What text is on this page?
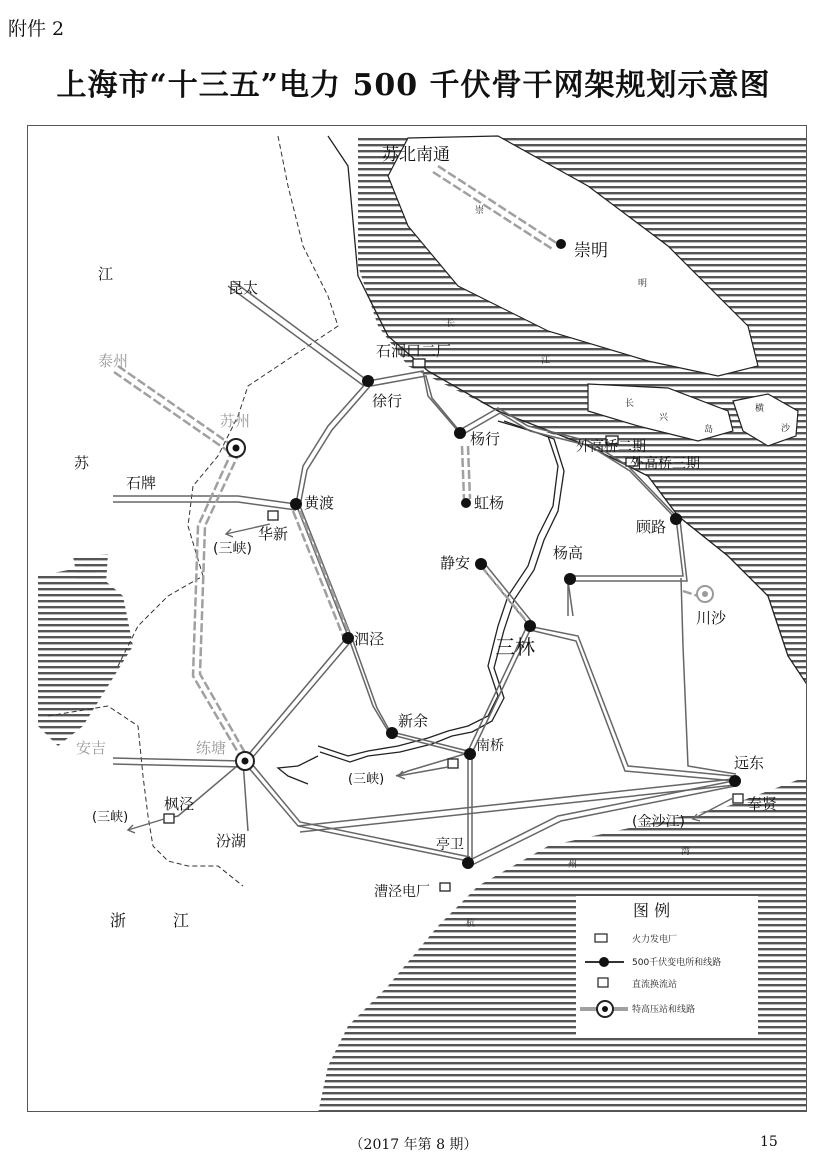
附件 2
上海市“十三五”电力 500 千伏骨干网架规划示意图
苏北南通
崇明
昆太
石洞口二厂
徐行
杨行
虹杨
外高桥二期
外高桥三期
顾路
泰州
苏州
石牌
黄渡
华新
(三峡)
静安
杨高
川沙
三林
泗泾
新余
南桥
(三峡)
安吉	练塘
(三峡)
枫泾
汾湖	亭卫
漕泾电厂
远东
奉贤
(金沙江)
江
苏
浙	江
长
江
崇
明
长
兴
岛
横
沙
州
湾
杭
图 例
火力发电厂
500千伏变电所和线路
直流换流站
特高压站和线路
（2017 年第 8 期）	15
